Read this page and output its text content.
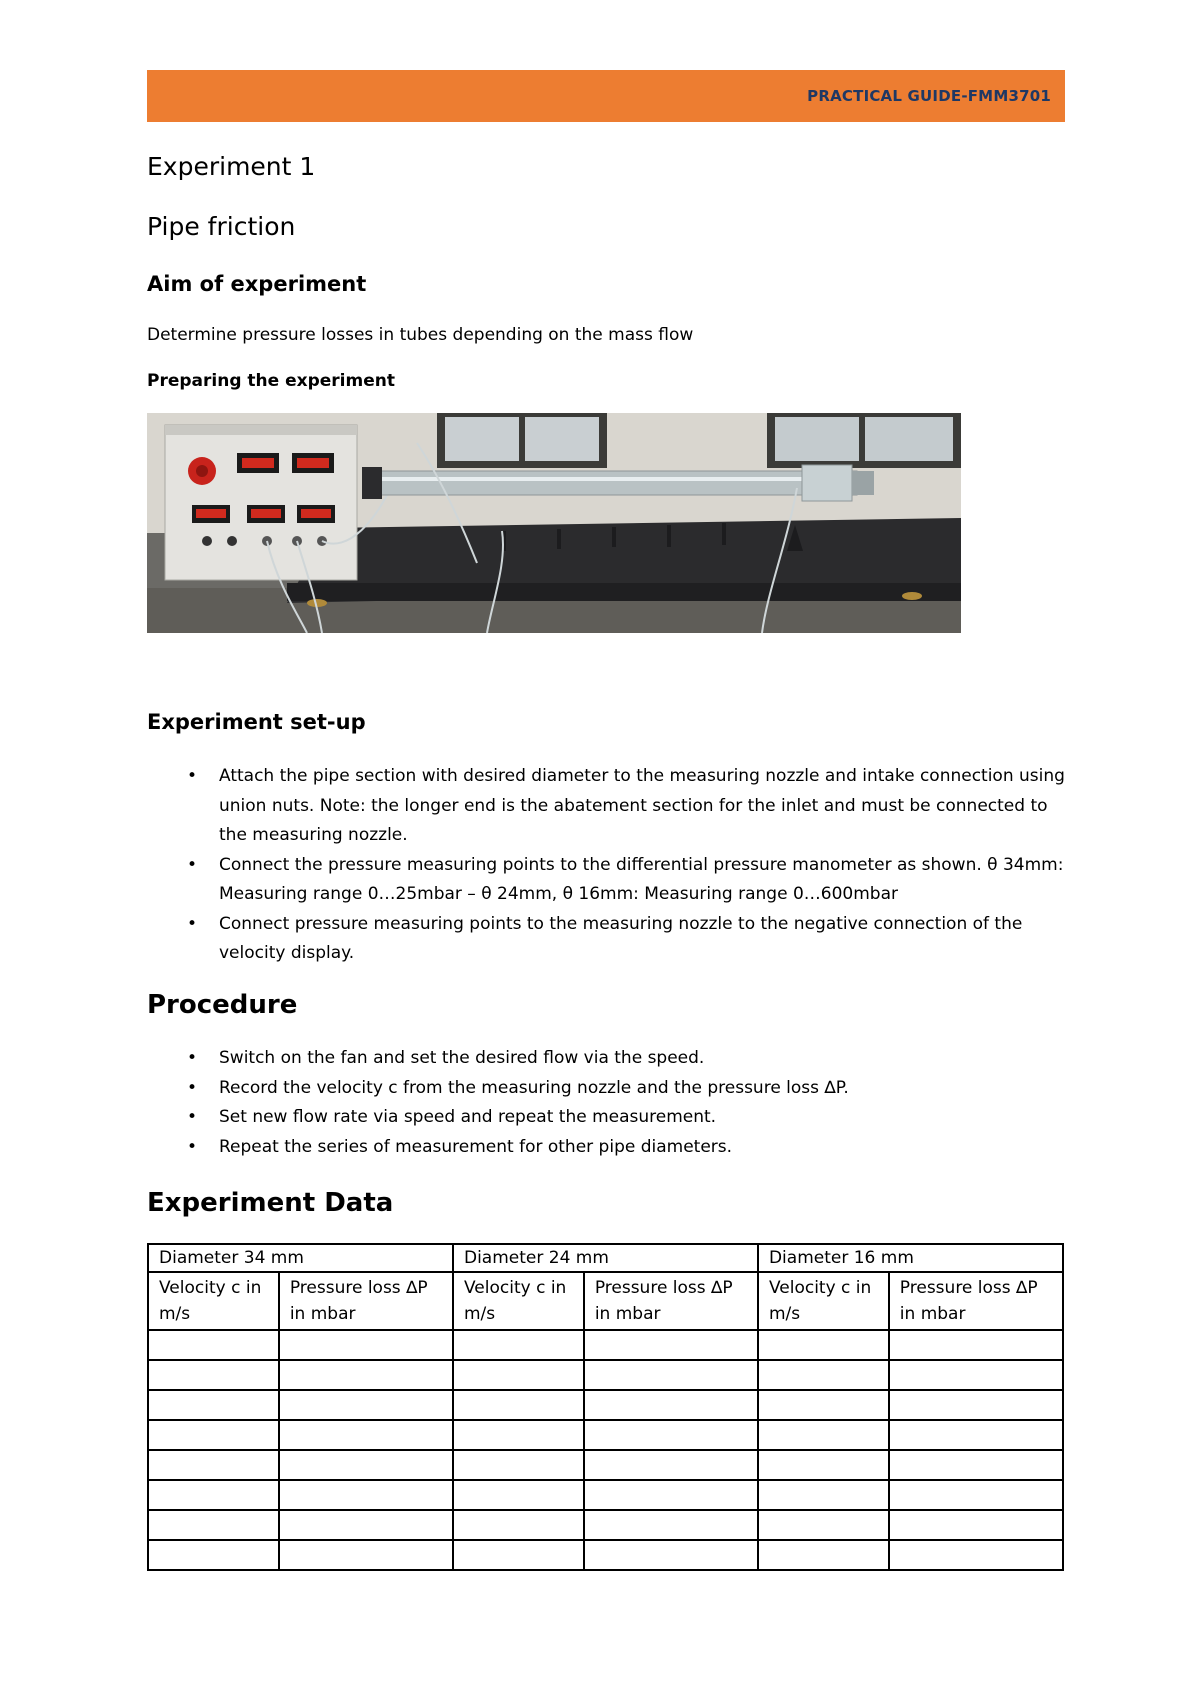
PRACTICAL GUIDE-FMM3701
Experiment 1
Pipe friction
Aim of experiment
Determine pressure losses in tubes depending on the mass flow
Preparing the experiment
Experiment set-up
• Attach the pipe section with desired diameter to the measuring nozzle and intake connection using union nuts. Note: the longer end is the abatement section for the inlet and must be connected to the measuring nozzle.
• Connect the pressure measuring points to the differential pressure manometer as shown. θ 34mm: Measuring range 0…25mbar – θ 24mm, θ 16mm: Measuring range 0…600mbar
• Connect pressure measuring points to the measuring nozzle to the negative connection of the velocity display.
Procedure
• Switch on the fan and set the desired flow via the speed.
• Record the velocity c from the measuring nozzle and the pressure loss ∆P.
• Set new flow rate via speed and repeat the measurement.
• Repeat the series of measurement for other pipe diameters.
Experiment Data
Diameter 34 mm		Diameter 24 mm		Diameter 16 mm	
Velocity c in m/s	Pressure loss ∆P in mbar	Velocity c in m/s	Pressure loss ∆P in mbar	Velocity c in m/s	Pressure loss ∆P in mbar
